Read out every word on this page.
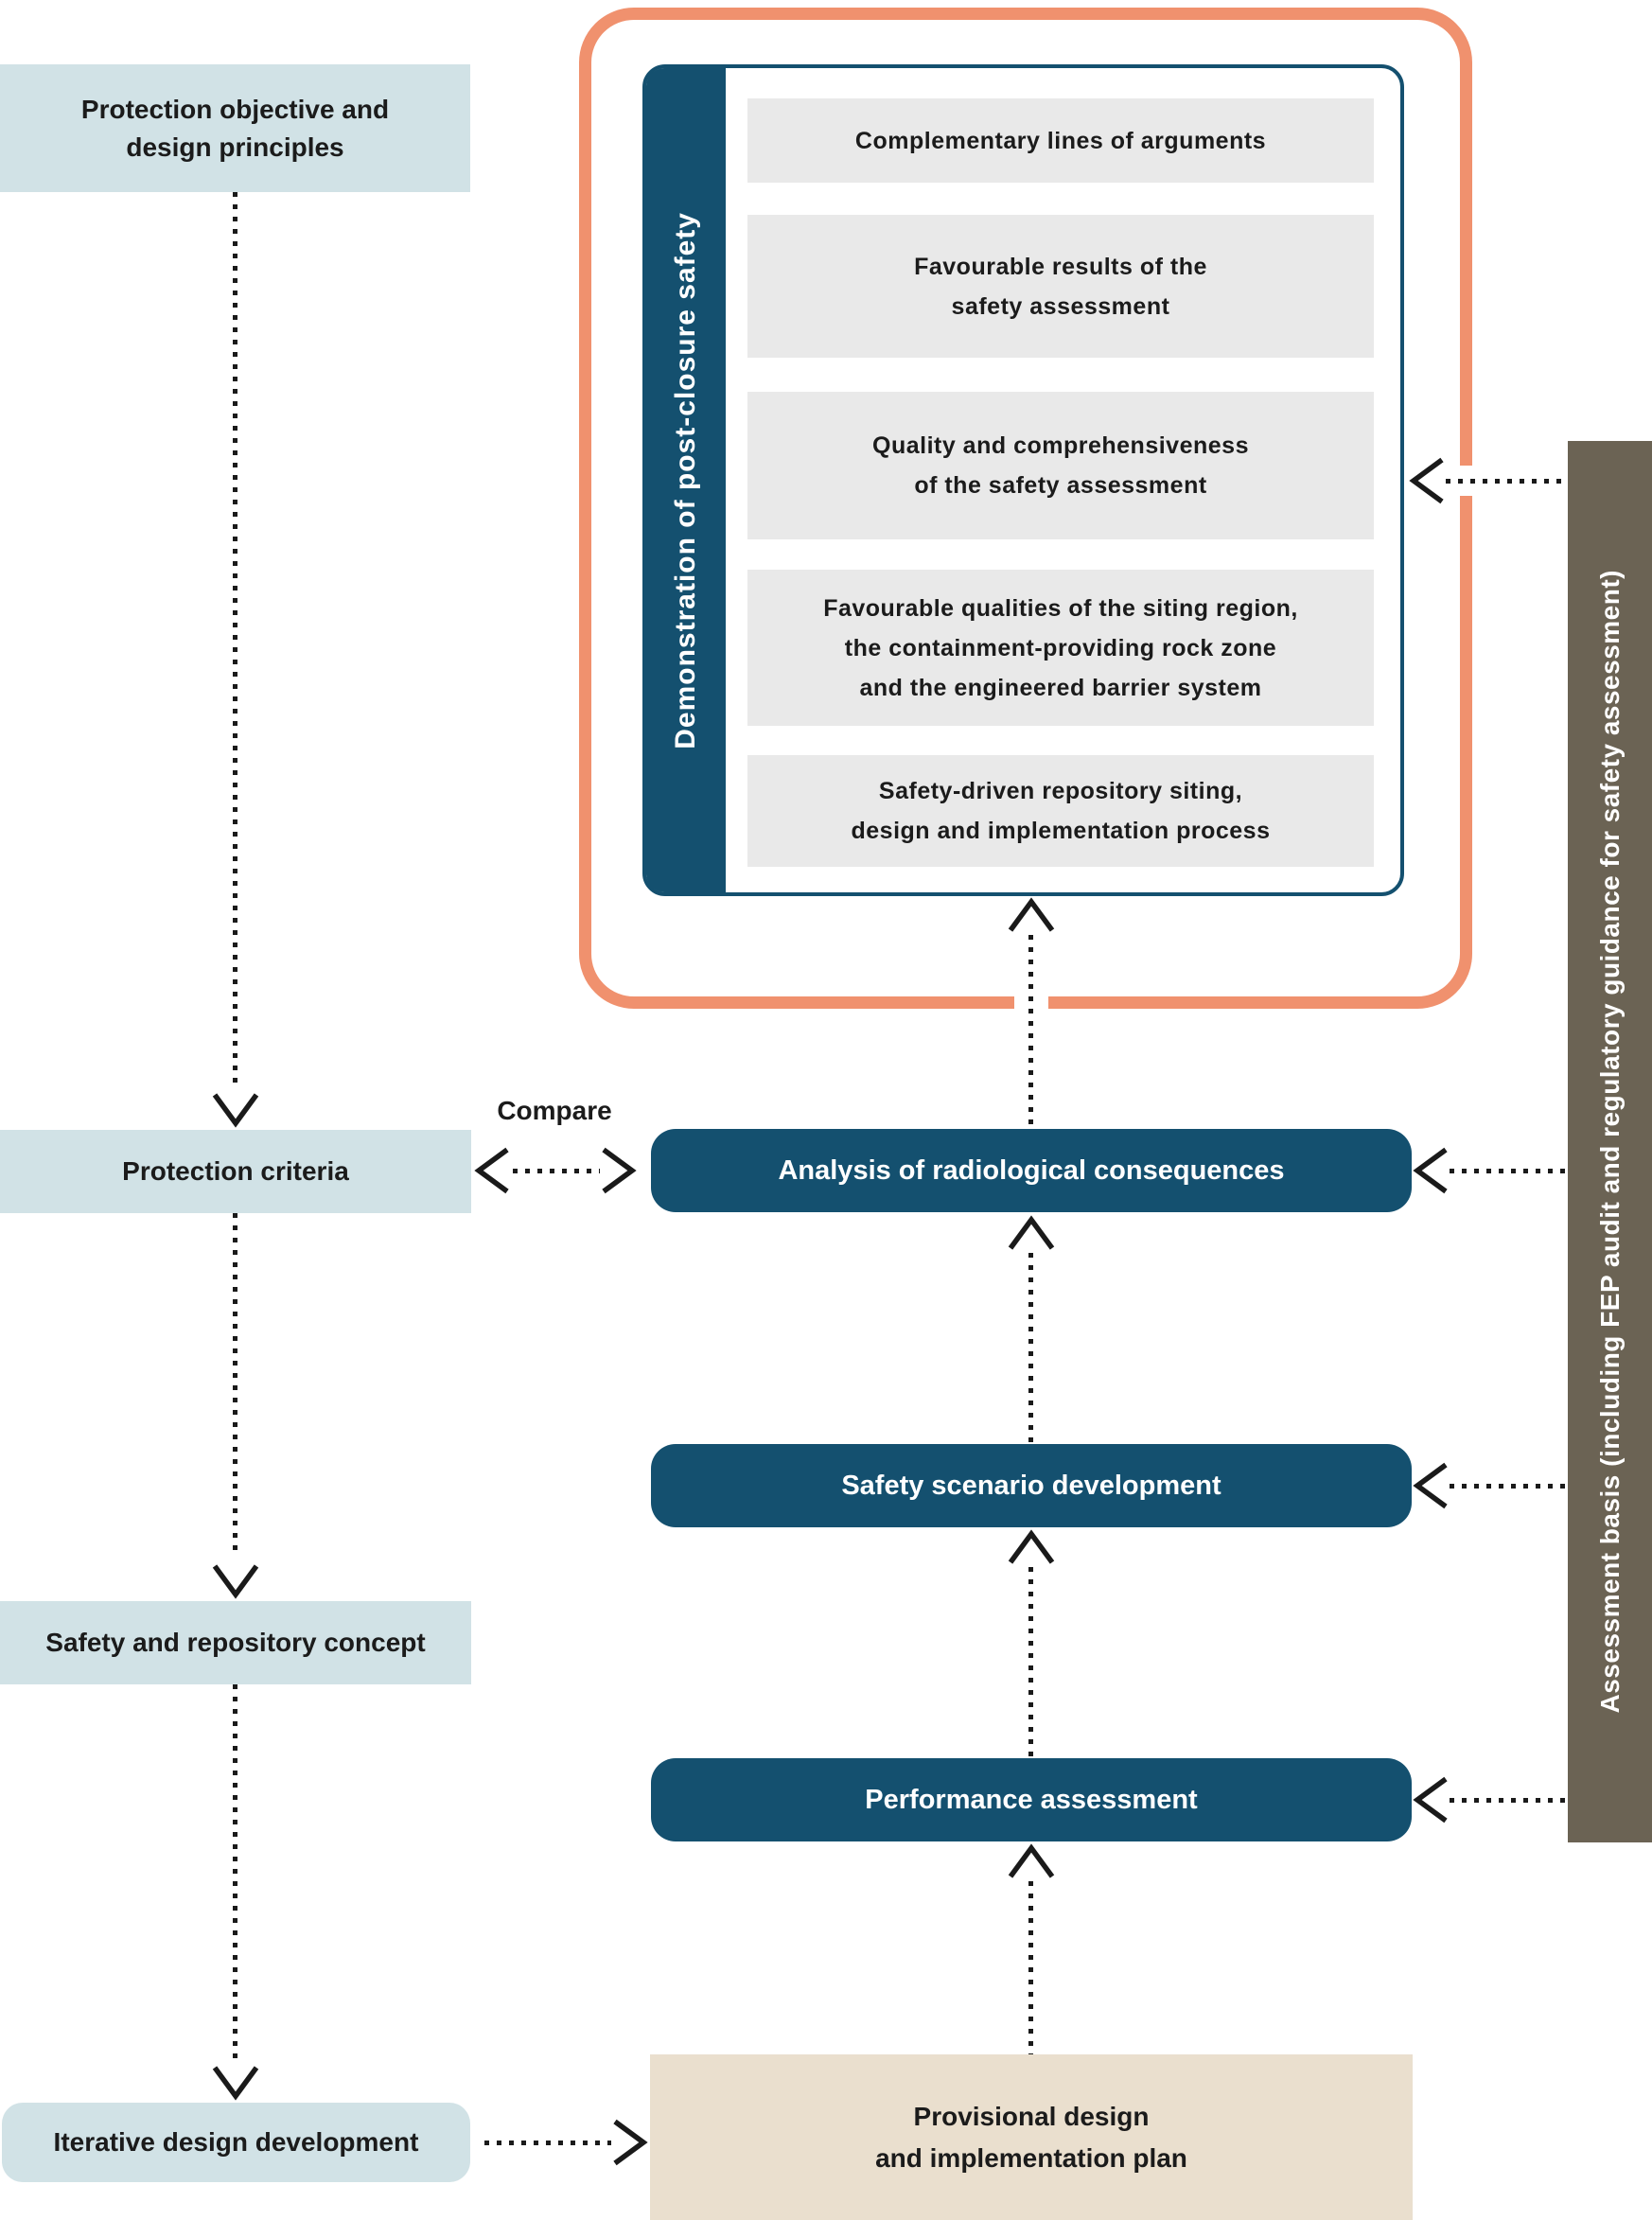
Protection objective and
design principles
Protection criteria
Safety and repository concept
Iterative design development
Demonstration of post-closure safety
Complementary lines of arguments
Favourable results of the
safety assessment
Quality and comprehensiveness
of the safety assessment
Favourable qualities of the siting region,
the containment-providing rock zone
and the engineered barrier system
Safety-driven repository siting,
design and implementation process	Assessment basis (including FEP audit and regulatory guidance for safety assessment)
Analysis of radiological consequences
Safety scenario development
Performance assessment
Provisional design
and implementation plan
Compare
